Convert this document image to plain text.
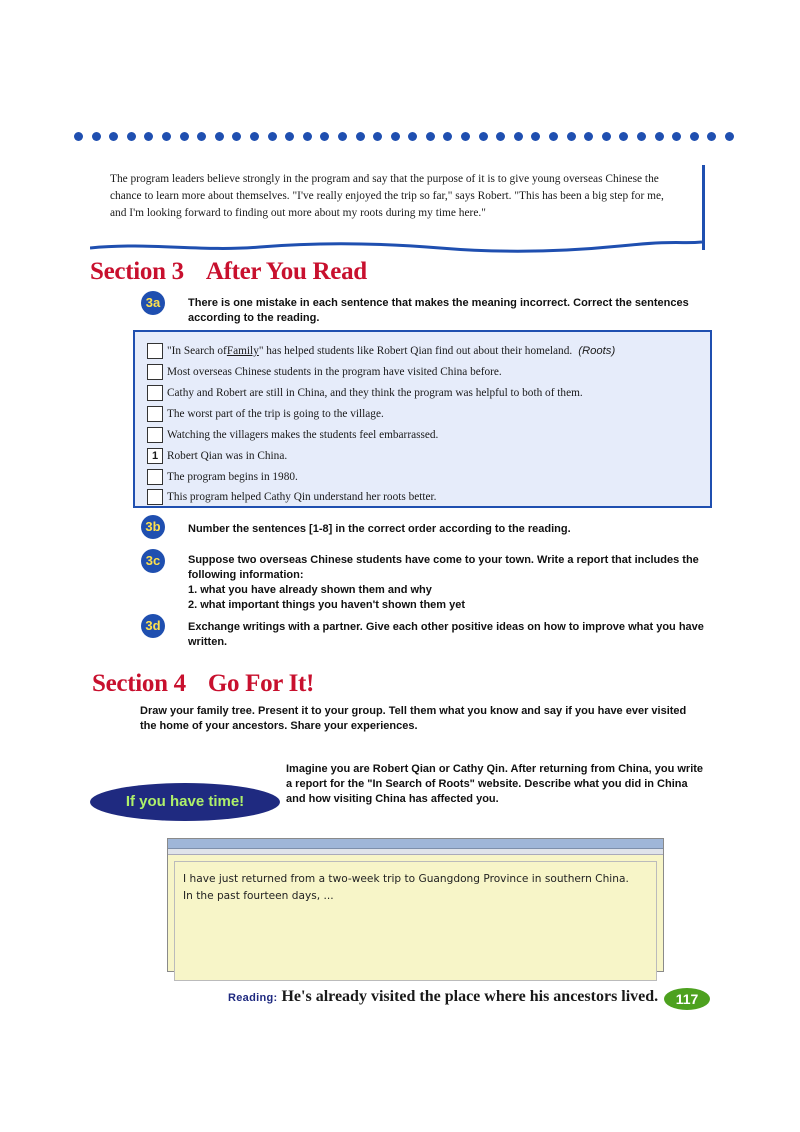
The program leaders believe strongly in the program and say that the purpose of it is to give young overseas Chinese the chance to learn more about themselves. "I've really enjoyed the trip so far," says Robert. "This has been a big step for me, and I'm looking forward to finding out more about my roots during my time here."

Section 3 After You Read
3a	There is one mistake in each sentence that makes the meaning incorrect. Correct the sentences according to the reading.
"In Search of Family " has helped students like Robert Qian find out about their homeland. (Roots)
Most overseas Chinese students in the program have visited China before.
Cathy and Robert are still in China, and they think the program was helpful to both of them.
The worst part of the trip is going to the village.
Watching the villagers makes the students feel embarrassed.
1 Robert Qian was in China.
The program begins in 1980.
This program helped Cathy Qin understand her roots better.
3b	Number the sentences [1-8] in the correct order according to the reading.
3c	Suppose two overseas Chinese students have come to your town. Write a report that includes the following information:
1. what you have already shown them and why
2. what important things you haven't shown them yet
3d	Exchange writings with a partner. Give each other positive ideas on how to improve what you have written.
Section 4 Go For It!
Draw your family tree. Present it to your group. Tell them what you know and say if you have ever visited the home of your ancestors. Share your experiences.
If you have time!
Imagine you are Robert Qian or Cathy Qin. After returning from China, you write a report for the "In Search of Roots" website. Describe what you did in China and how visiting China has affected you.
I have just returned from a two-week trip to Guangdong Province in southern China.
In the past fourteen days, ...
Reading: He's already visited the place where his ancestors lived.	117
